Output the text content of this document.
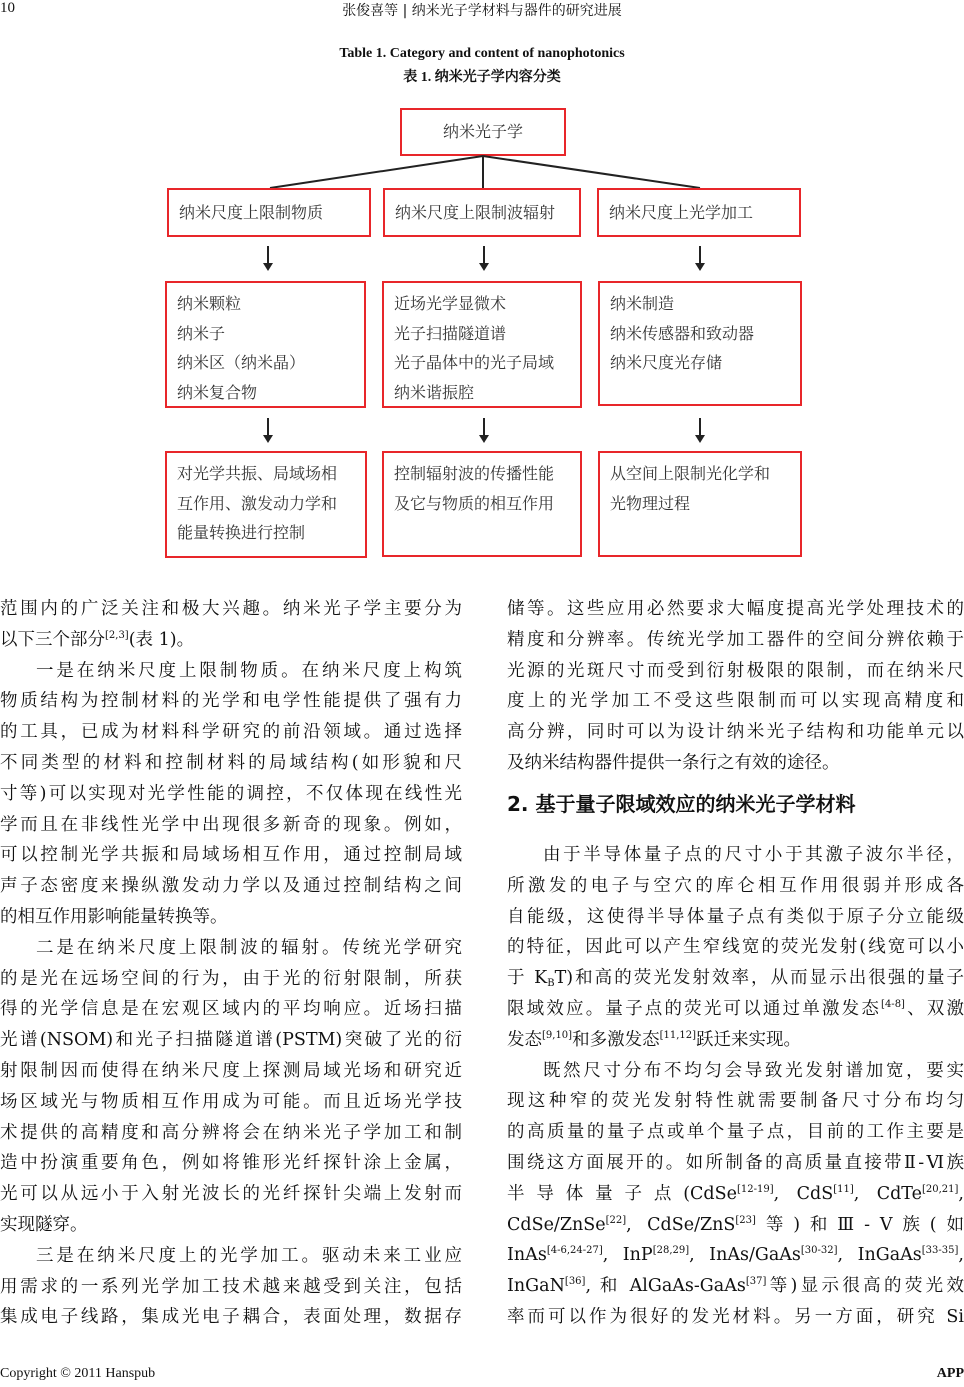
10	张俊喜等 | 纳米光子学材料与器件的研究进展
Table 1. Category and content of nanophotonics
表 1. 纳米光子学内容分类
纳米光子学
纳米尺度上限制物质	纳米尺度上限制波辐射	纳米尺度上光学加工
纳米颗粒
纳米子
纳米区（纳米晶）
纳米复合物
近场光学显微术
光子扫描隧道谱
光子晶体中的光子局域
纳米谐振腔
纳米制造
纳米传感器和致动器
纳米尺度光存储
对光学共振、局域场相
互作用、激发动力学和
能量转换进行控制
控制辐射波的传播性能
及它与物质的相互作用
从空间上限制光化学和
光物理过程
范围内的广泛关注和极大兴趣。纳米光子学主要分为
以下三个部分[2,3](表 1)。
一是在纳米尺度上限制物质。在纳米尺度上构筑
物质结构为控制材料的光学和电学性能提供了强有力
的工具，已成为材料科学研究的前沿领域。通过选择
不同类型的材料和控制材料的局域结构(如形貌和尺
寸等)可以实现对光学性能的调控，不仅体现在线性光
学而且在非线性光学中出现很多新奇的现象。例如，
可以控制光学共振和局域场相互作用，通过控制局域
声子态密度来操纵激发动力学以及通过控制结构之间
的相互作用影响能量转换等。
二是在纳米尺度上限制波的辐射。传统光学研究
的是光在远场空间的行为，由于光的衍射限制，所获
得的光学信息是在宏观区域内的平均响应。近场扫描
光谱(NSOM)和光子扫描隧道谱(PSTM)突破了光的衍
射限制因而使得在纳米尺度上探测局域光场和研究近
场区域光与物质相互作用成为可能。而且近场光学技
术提供的高精度和高分辨将会在纳米光子学加工和制
造中扮演重要角色，例如将锥形光纤探针涂上金属，
光可以从远小于入射光波长的光纤探针尖端上发射而
实现隧穿。
三是在纳米尺度上的光学加工。驱动未来工业应
用需求的一系列光学加工技术越来越受到关注，包括
集成电子线路，集成光电子耦合，表面处理，数据存
储等。这些应用必然要求大幅度提高光学处理技术的
精度和分辨率。传统光学加工器件的空间分辨依赖于
光源的光斑尺寸而受到衍射极限的限制，而在纳米尺
度上的光学加工不受这些限制而可以实现高精度和
高分辨，同时可以为设计纳米光子结构和功能单元以
及纳米结构器件提供一条行之有效的途径。
2. 基于量子限域效应的纳米光子学材料
由于半导体量子点的尺寸小于其激子波尔半径，
所激发的电子与空穴的库仑相互作用很弱并形成各
自能级，这使得半导体量子点有类似于原子分立能级
的特征，因此可以产生窄线宽的荧光发射(线宽可以小
于 $K_BT$)和高的荧光发射效率，从而显示出很强的量子
限域效应。量子点的荧光可以通过单激发态[4-8]、双激
发态[9,10]和多激发态[11,12]跃迁来实现。
既然尺寸分布不均匀会导致光发射谱加宽，要实
现这种窄的荧光发射特性就需要制备尺寸分布均匀
的高质量的量子点或单个量子点，目前的工作主要是
围绕这方面展开的。如所制备的高质量直接带Ⅱ-Ⅵ族
半导体量子点(CdSe[12-19], CdS[11], CdTe[20,21],
CdSe/ZnSe[22], CdSe/ZnS[23]等)和Ⅲ-Ⅴ族(如
InAs[4-6,24-27], InP[28,29], InAs/GaAs[30-32], InGaAs[33-35],
InGaN[36], 和 AlGaAs-GaAs[37]等)显示很高的荧光效
率而可以作为很好的发光材料。另一方面，研究 Si
Copyright © 2011 Hanspub	APP
